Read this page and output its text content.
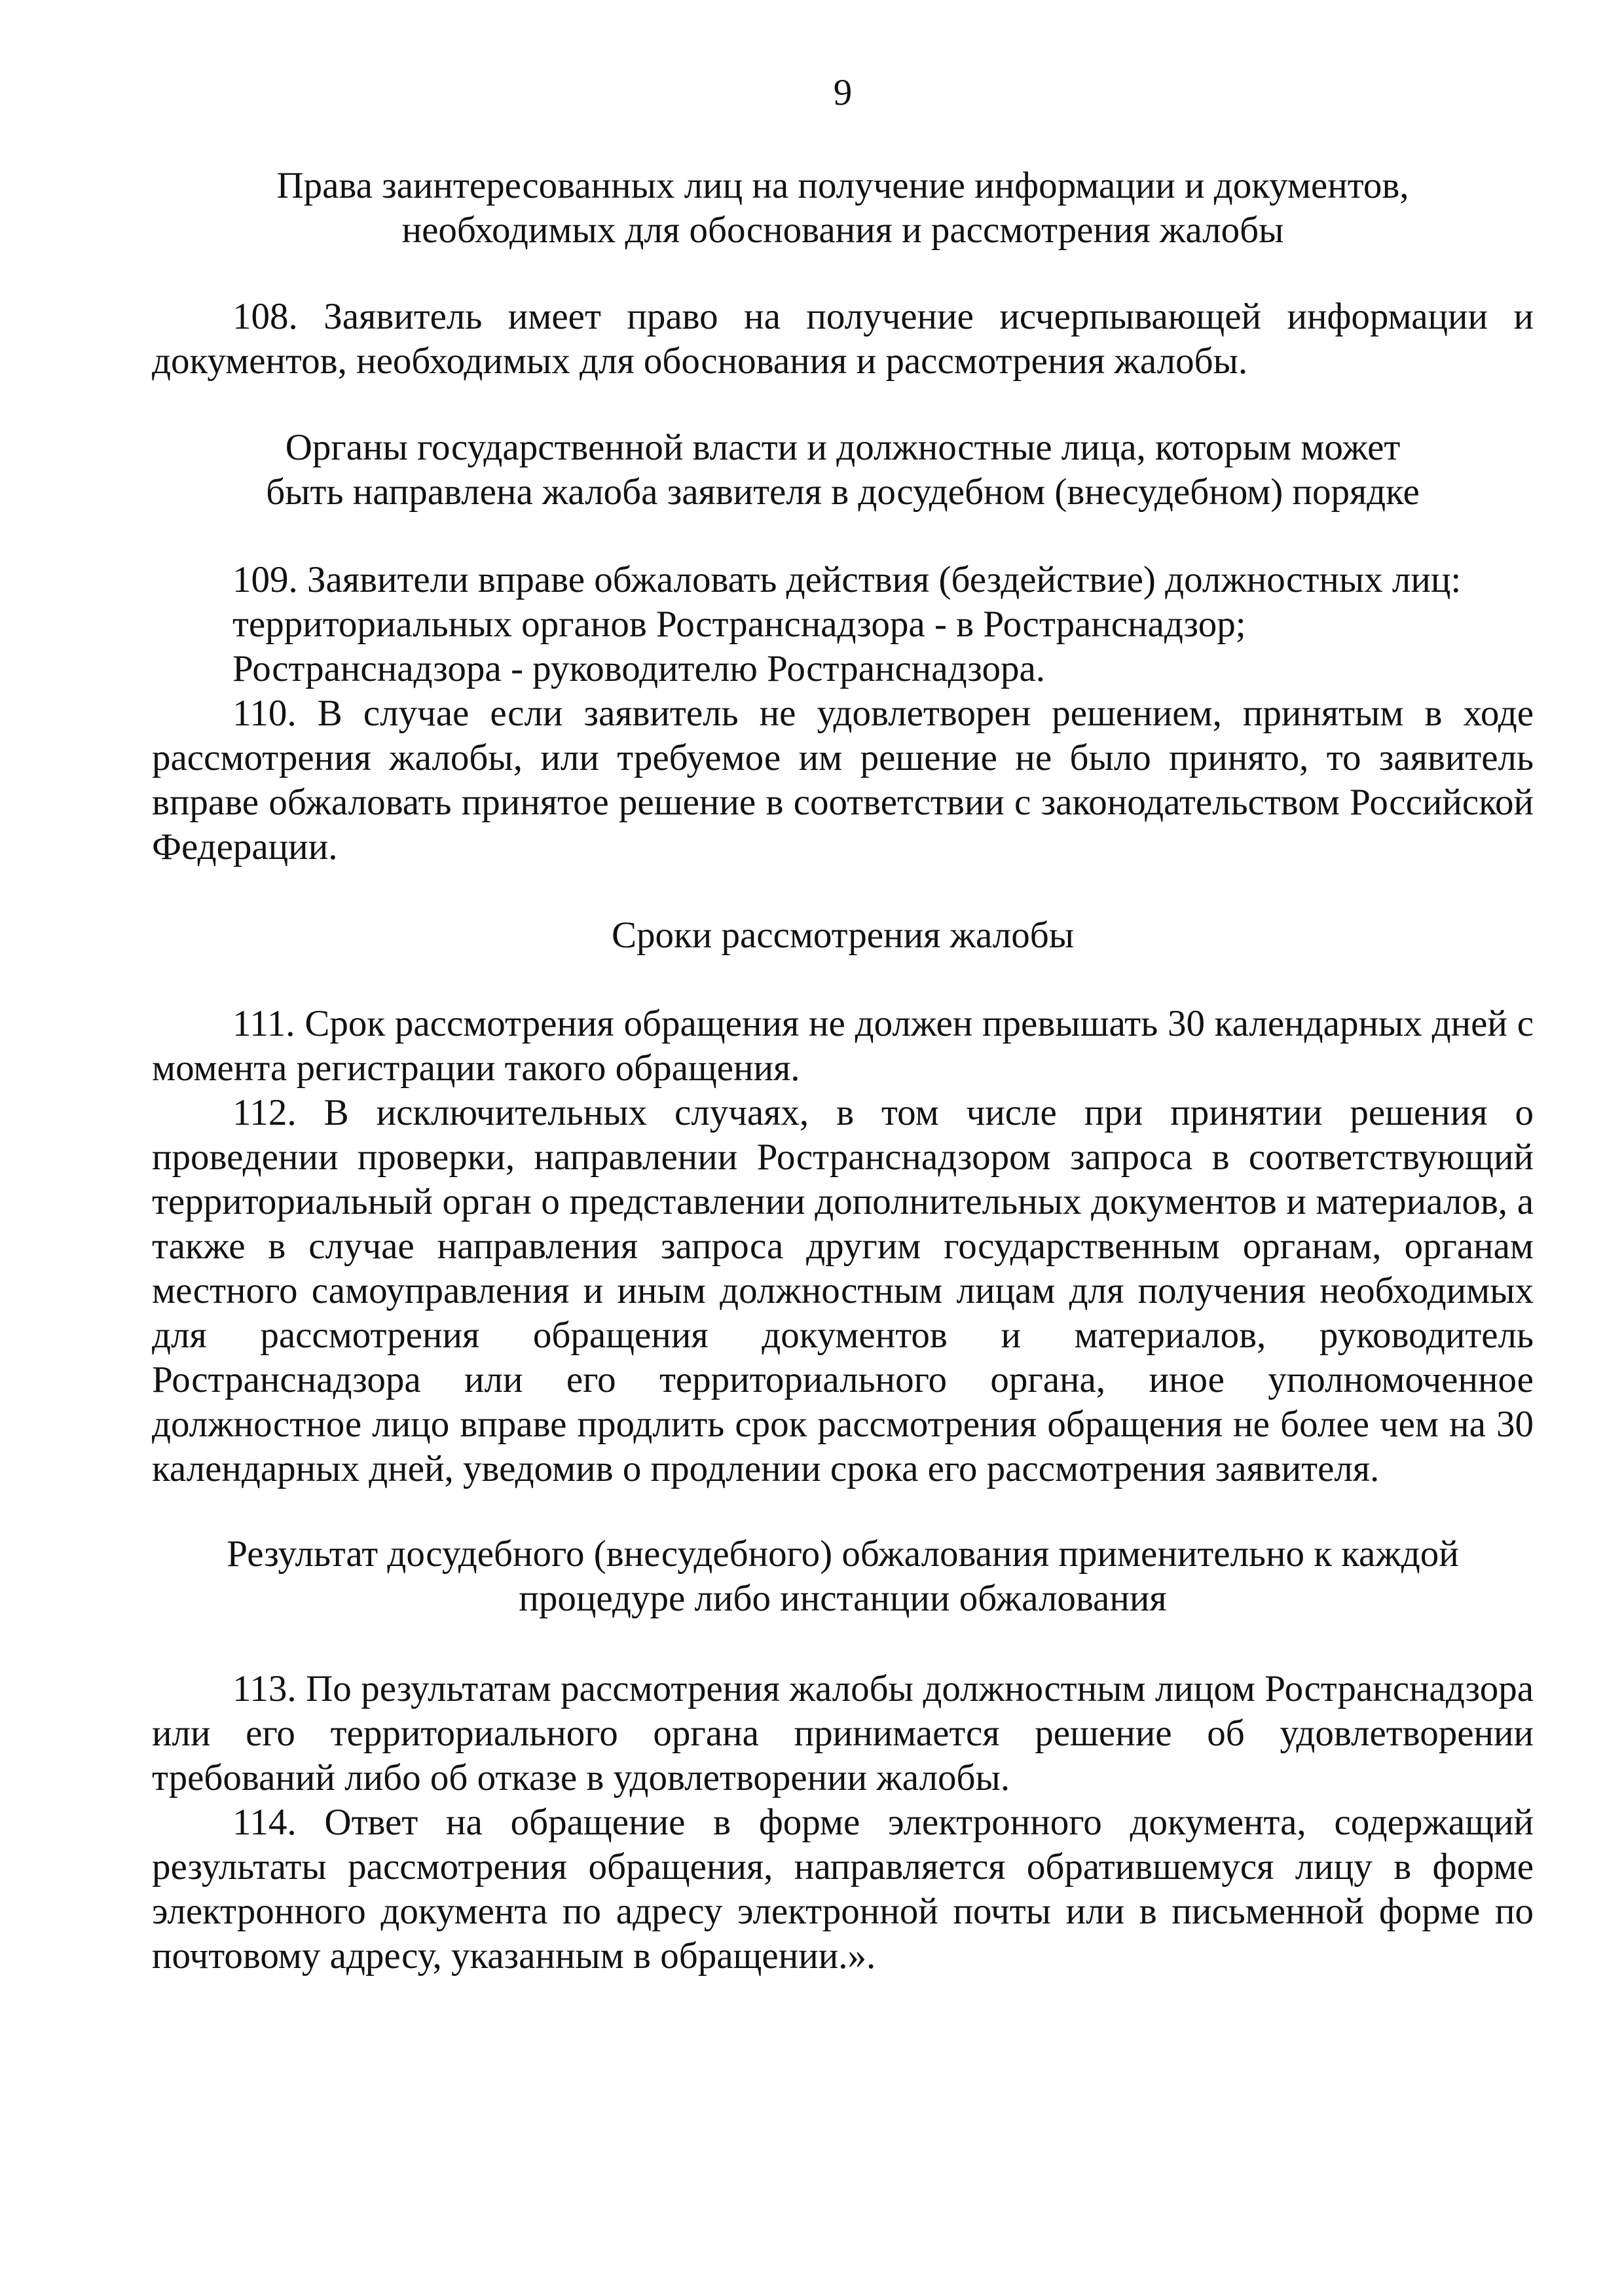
9
Права заинтересованных лиц на получение информации и документов, необходимых для обоснования и рассмотрения жалобы
108. Заявитель имеет право на получение исчерпывающей информации и документов, необходимых для обоснования и рассмотрения жалобы.
Органы государственной власти и должностные лица, которым может быть направлена жалоба заявителя в досудебном (внесудебном) порядке
109. Заявители вправе обжаловать действия (бездействие) должностных лиц:
территориальных органов Ространснадзора - в Ространснадзор;
Ространснадзора - руководителю Ространснадзора.
110. В случае если заявитель не удовлетворен решением, принятым в ходе рассмотрения жалобы, или требуемое им решение не было принято, то заявитель вправе обжаловать принятое решение в соответствии с законодательством Российской Федерации.
Сроки рассмотрения жалобы
111. Срок рассмотрения обращения не должен превышать 30 календарных дней с момента регистрации такого обращения.
112. В исключительных случаях, в том числе при принятии решения о проведении проверки, направлении Ространснадзором запроса в соответствующий территориальный орган о представлении дополнительных документов и материалов, а также в случае направления запроса другим государственным органам, органам местного самоуправления и иным должностным лицам для получения необходимых для рассмотрения обращения документов и материалов, руководитель Ространснадзора или его территориального органа, иное уполномоченное должностное лицо вправе продлить срок рассмотрения обращения не более чем на 30 календарных дней, уведомив о продлении срока его рассмотрения заявителя.
Результат досудебного (внесудебного) обжалования применительно к каждой процедуре либо инстанции обжалования
113. По результатам рассмотрения жалобы должностным лицом Ространснадзора или его территориального органа принимается решение об удовлетворении требований либо об отказе в удовлетворении жалобы.
114. Ответ на обращение в форме электронного документа, содержащий результаты рассмотрения обращения, направляется обратившемуся лицу в форме электронного документа по адресу электронной почты или в письменной форме по почтовому адресу, указанным в обращении.».
